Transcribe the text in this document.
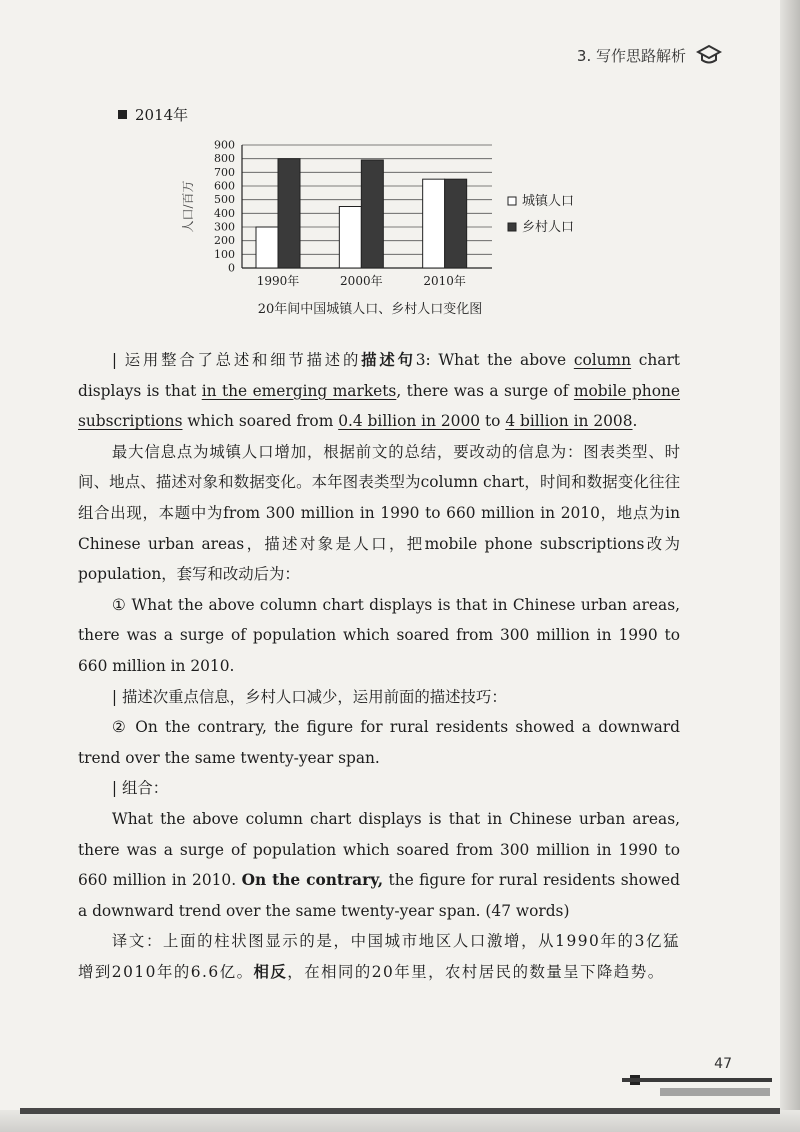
3. 写作思路解析
2014年
0
100
200
300
400
500
600
700
800
900
人口/百万
1990年	2000年	2010年
城镇人口
乡村人口
20年间中国城镇人口、乡村人口变化图

| 运用整合了总述和细节描述的描述句3: What the above column chart displays is that in the emerging markets, there was a surge of mobile phone subscriptions which soared from 0.4 billion in 2000 to 4 billion in 2008.

最大信息点为城镇人口增加，根据前文的总结，要改动的信息为：图表类型、时间、地点、描述对象和数据变化。本年图表类型为column chart，时间和数据变化往往组合出现，本题中为from 300 million in 1990 to 660 million in 2010，地点为in Chinese urban areas，描述对象是人口，把mobile phone subscriptions改为population，套写和改动后为：

① What the above column chart displays is that in Chinese urban areas, there was a surge of population which soared from 300 million in 1990 to 660 million in 2010.

| 描述次重点信息，乡村人口减少，运用前面的描述技巧：

② On the contrary, the figure for rural residents showed a downward trend over the same twenty-year span.

| 组合：

What the above column chart displays is that in Chinese urban areas, there was a surge of population which soared from 300 million in 1990 to 660 million in 2010. On the contrary, the figure for rural residents showed a downward trend over the same twenty-year span. (47 words)

译文：上面的柱状图显示的是，中国城市地区人口激增，从1990年的3亿猛增到2010年的6.6亿。相反，在相同的20年里，农村居民的数量呈下降趋势。

47
